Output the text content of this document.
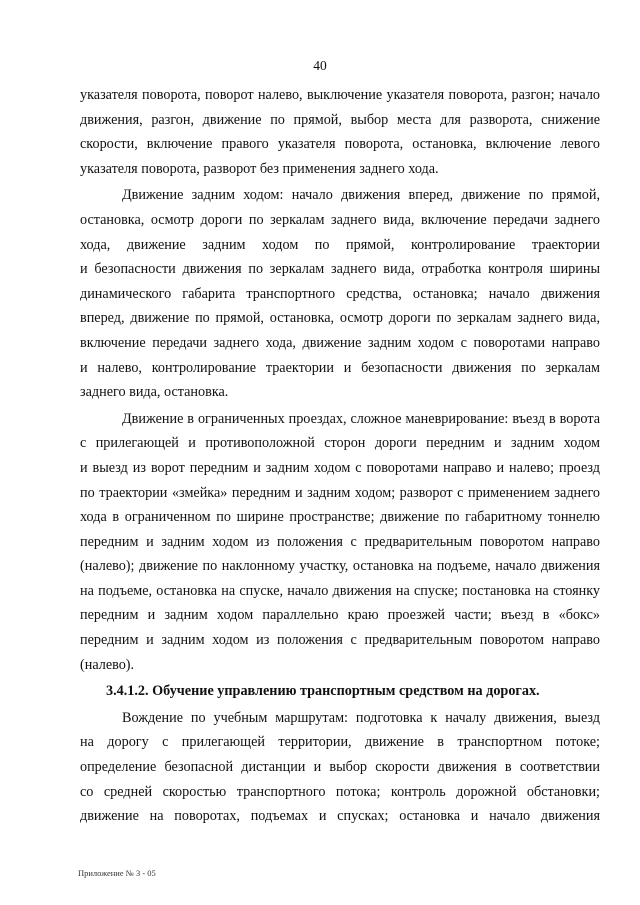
40
указателя поворота, поворот налево, выключение указателя поворота, разгон; начало
движения, разгон, движение по прямой, выбор места для разворота, снижение
скорости, включение правого указателя поворота, остановка, включение левого
указателя поворота, разворот без применения заднего хода.
Движение задним ходом: начало движения вперед, движение по прямой,
остановка, осмотр дороги по зеркалам заднего вида, включение передачи заднего
хода, движение задним ходом по прямой, контролирование траектории
и безопасности движения по зеркалам заднего вида, отработка контроля ширины
динамического габарита транспортного средства, остановка; начало движения
вперед, движение по прямой, остановка, осмотр дороги по зеркалам заднего вида,
включение передачи заднего хода, движение задним ходом с поворотами направо
и налево, контролирование траектории и безопасности движения по зеркалам
заднего вида, остановка.
Движение в ограниченных проездах, сложное маневрирование: въезд в ворота
с прилегающей и противоположной сторон дороги передним и задним ходом
и выезд из ворот передним и задним ходом с поворотами направо и налево; проезд
по траектории «змейка» передним и задним ходом; разворот с применением заднего
хода в ограниченном по ширине пространстве; движение по габаритному тоннелю
передним и задним ходом из положения с предварительным поворотом направо
(налево); движение по наклонному участку, остановка на подъеме, начало движения
на подъеме, остановка на спуске, начало движения на спуске; постановка на стоянку
передним и задним ходом параллельно краю проезжей части; въезд в «бокс»
передним и задним ходом из положения с предварительным поворотом направо
(налево).
3.4.1.2. Обучение управлению транспортным средством на дорогах.
Вождение по учебным маршрутам: подготовка к началу движения, выезд
на дорогу с прилегающей территории, движение в транспортном потоке;
определение безопасной дистанции и выбор скорости движения в соответствии
со средней скоростью транспортного потока; контроль дорожной обстановки;
движение на поворотах, подъемах и спусках; остановка и начало движения
Приложение № 3 - 05
